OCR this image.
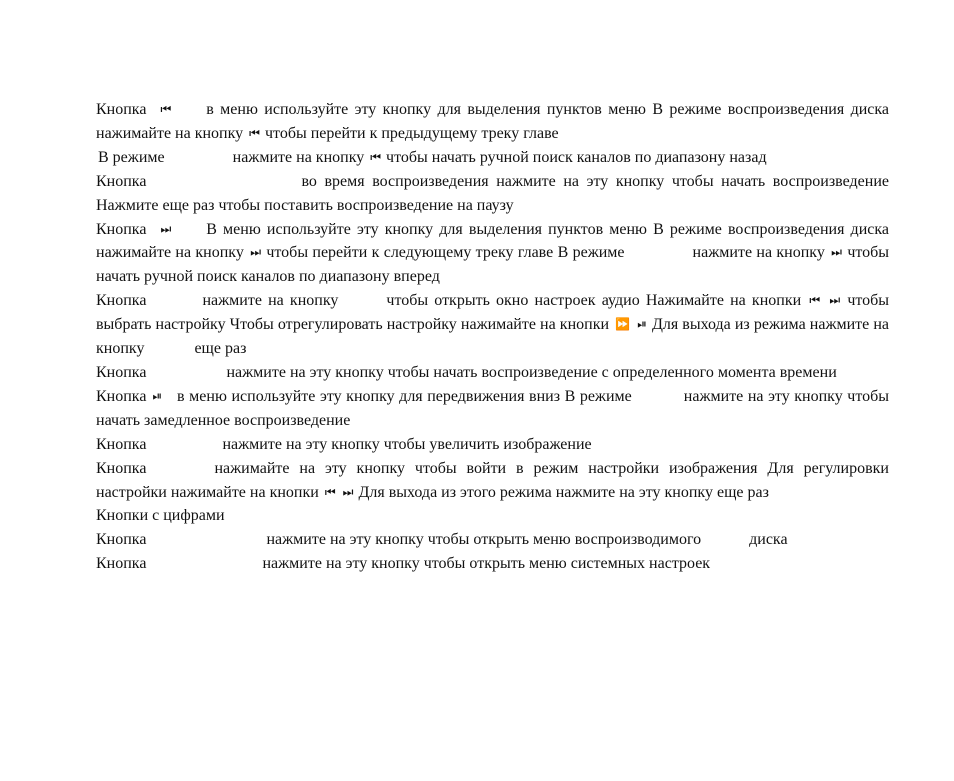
Кнопка ⏮ в меню используйте эту кнопку для выделения пунктов меню В режиме воспроизведения диска нажимайте на кнопку ⏮ чтобы перейти к предыдущему треку главе

В режиме	нажмите на кнопку ⏮ чтобы начать ручной поиск каналов по диапазону назад

Кнопка	во время воспроизведения нажмите на эту кнопку чтобы начать воспроизведение Нажмите еще раз чтобы поставить воспроизведение на паузу

Кнопка ⏭ В меню используйте эту кнопку для выделения пунктов меню В режиме воспроизведения диска нажимайте на кнопку ⏭ чтобы перейти к следующему треку главе В режиме	нажмите на кнопку ⏭ чтобы начать ручной поиск каналов по диапазону вперед

Кнопка	нажмите на кнопку	чтобы открыть окно настроек аудио Нажимайте на кнопки ⏮ ⏭ чтобы выбрать настройку Чтобы отрегулировать настройку нажимайте на кнопки ⏩ ⏯ Для выхода из режима нажмите на кнопку	еще раз

Кнопка	нажмите на эту кнопку чтобы начать воспроизведение с определенного момента времени

Кнопка ⏯ в меню используйте эту кнопку для передвижения вниз В режиме	нажмите на эту кнопку чтобы начать замедленное воспроизведение

Кнопка	нажмите на эту кнопку чтобы увеличить изображение

Кнопка	нажимайте на эту кнопку чтобы войти в режим настройки изображения Для регулировки настройки нажимайте на кнопки ⏮ ⏭ Для выхода из этого режима нажмите на эту кнопку еще раз

Кнопки с цифрами

Кнопка	нажмите на эту кнопку чтобы открыть меню воспроизводимого	диска

Кнопка	нажмите на эту кнопку чтобы открыть меню системных настроек
